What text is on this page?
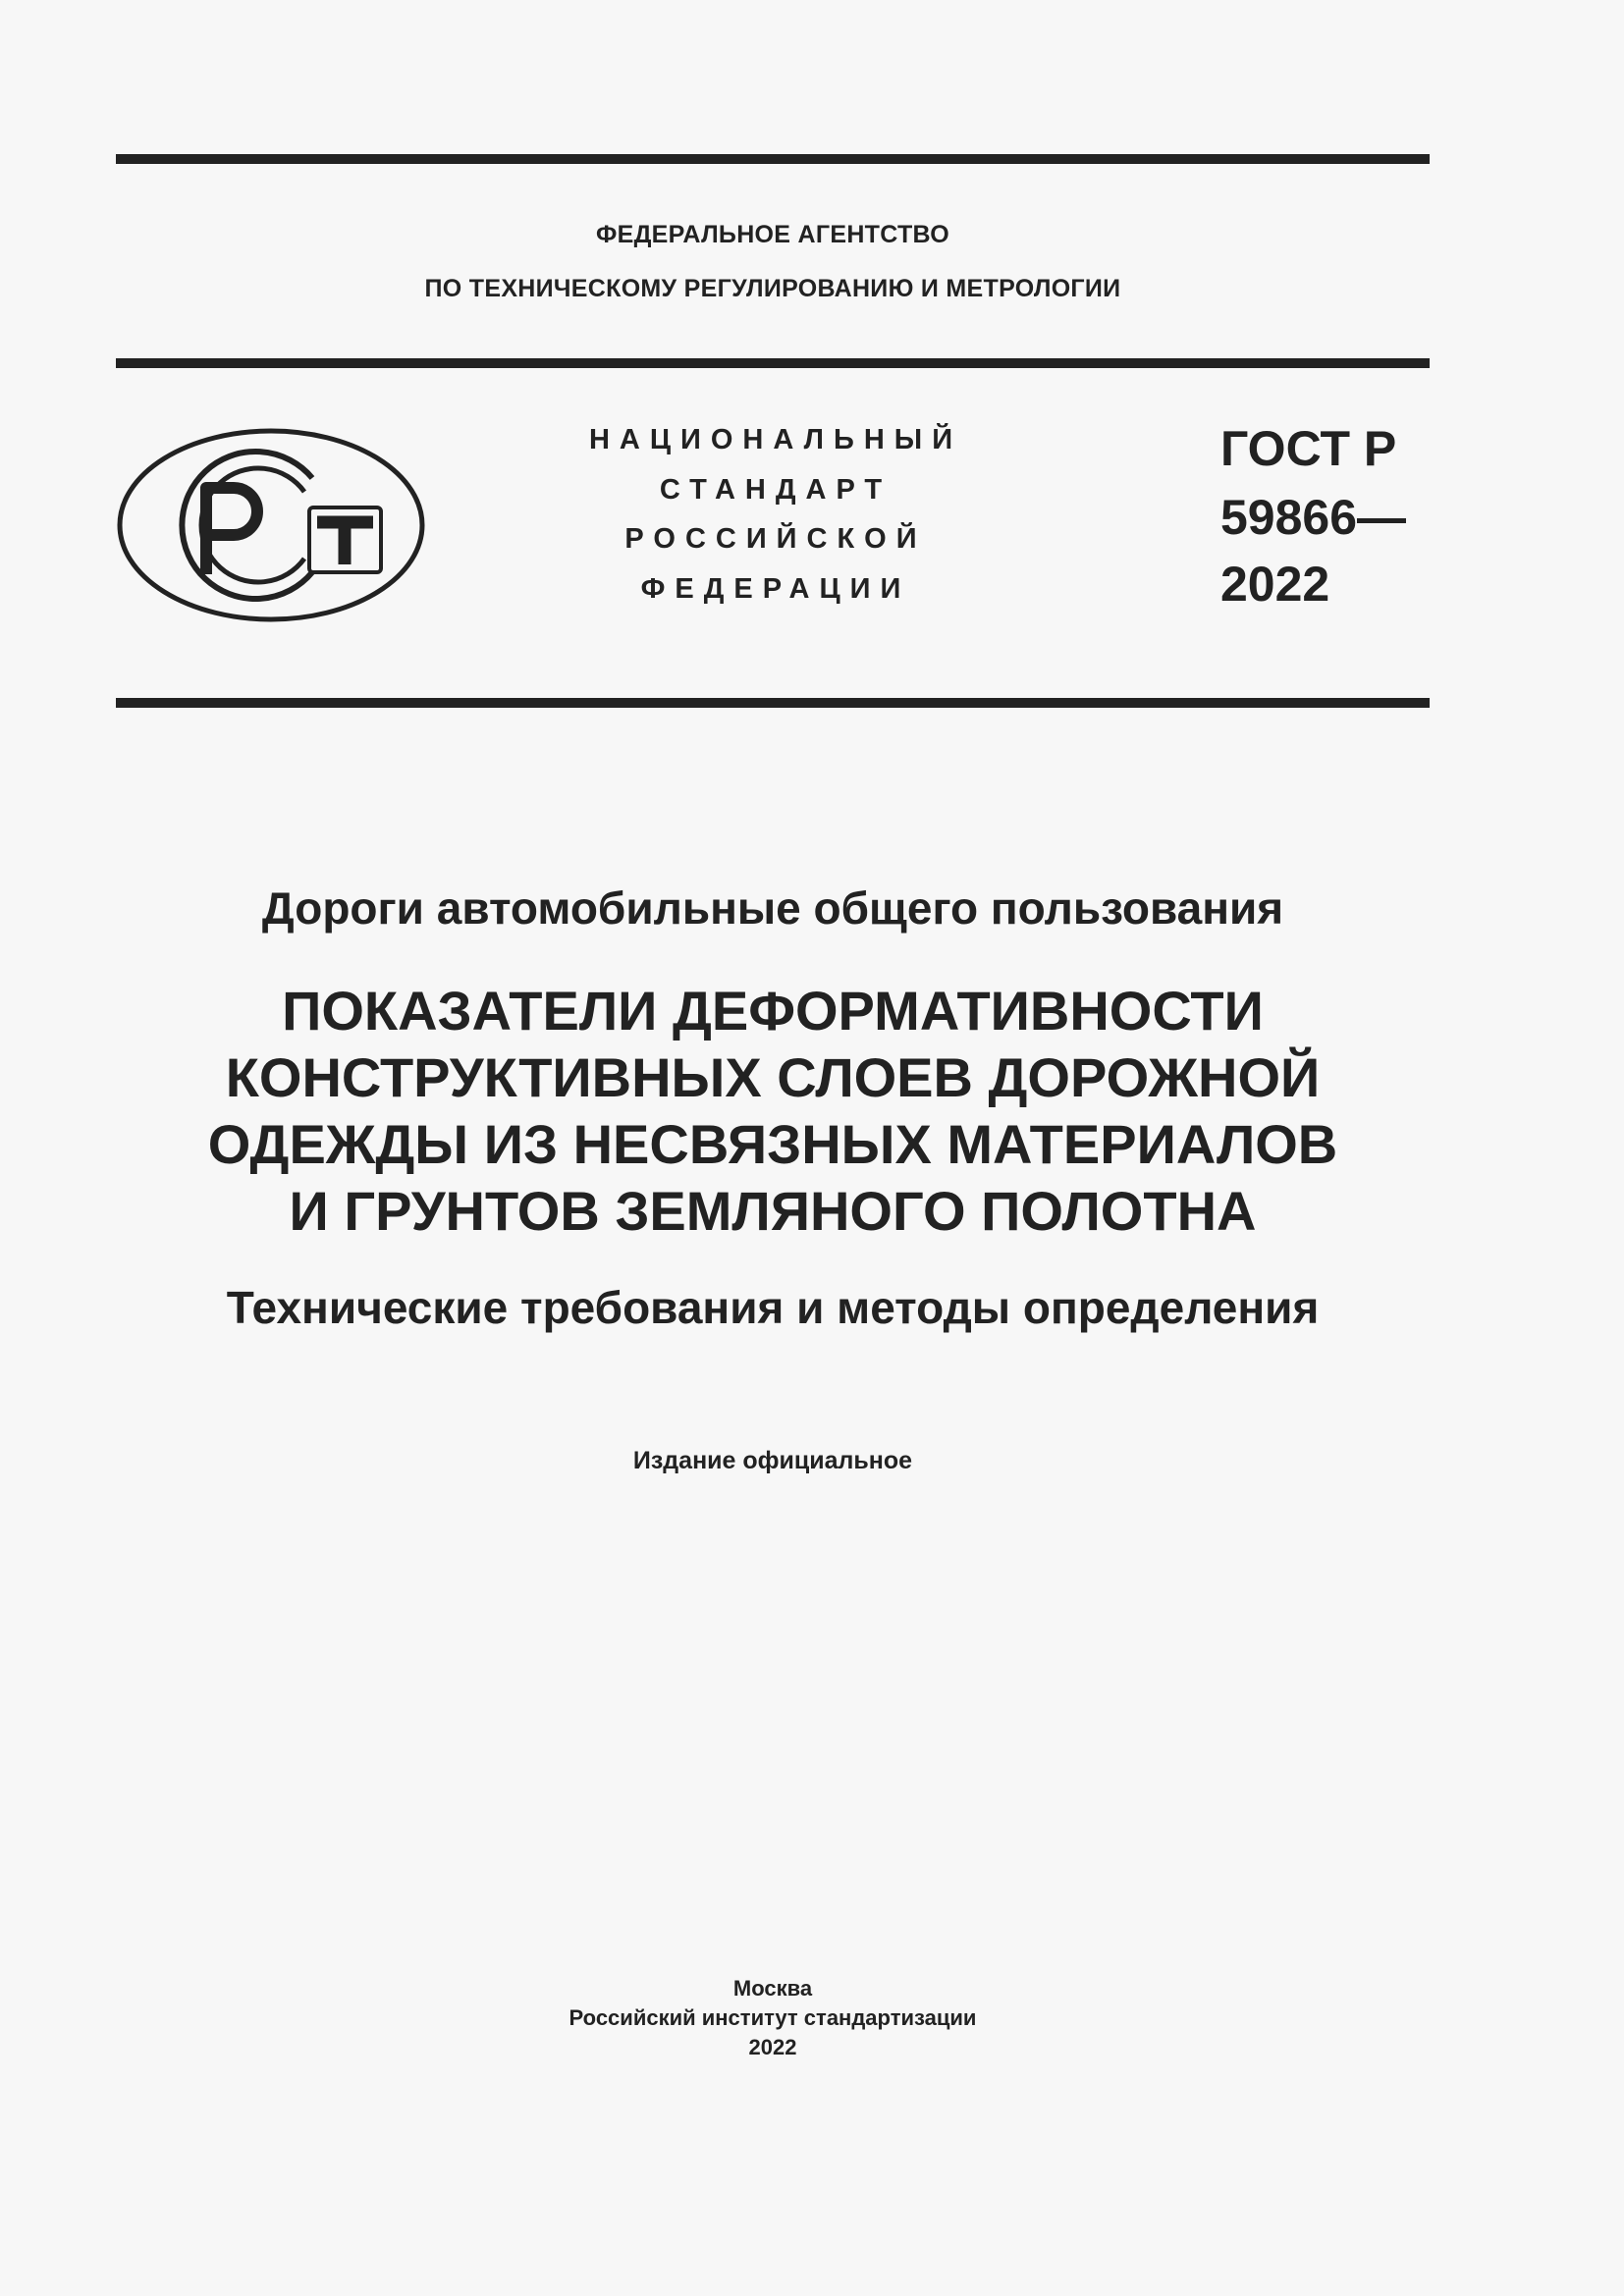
ФЕДЕРАЛЬНОЕ АГЕНТСТВО
ПО ТЕХНИЧЕСКОМУ РЕГУЛИРОВАНИЮ И МЕТРОЛОГИИ
НАЦИОНАЛЬНЫЙ
СТАНДАРТ
РОССИЙСКОЙ
ФЕДЕРАЦИИ
ГОСТ Р
59866—
2022
Дороги автомобильные общего пользования
ПОКАЗАТЕЛИ ДЕФОРМАТИВНОСТИ
КОНСТРУКТИВНЫХ СЛОЕВ ДОРОЖНОЙ
ОДЕЖДЫ ИЗ НЕСВЯЗНЫХ МАТЕРИАЛОВ
И ГРУНТОВ ЗЕМЛЯНОГО ПОЛОТНА
Технические требования и методы определения
Издание официальное
Москва
Российский институт стандартизации
2022
